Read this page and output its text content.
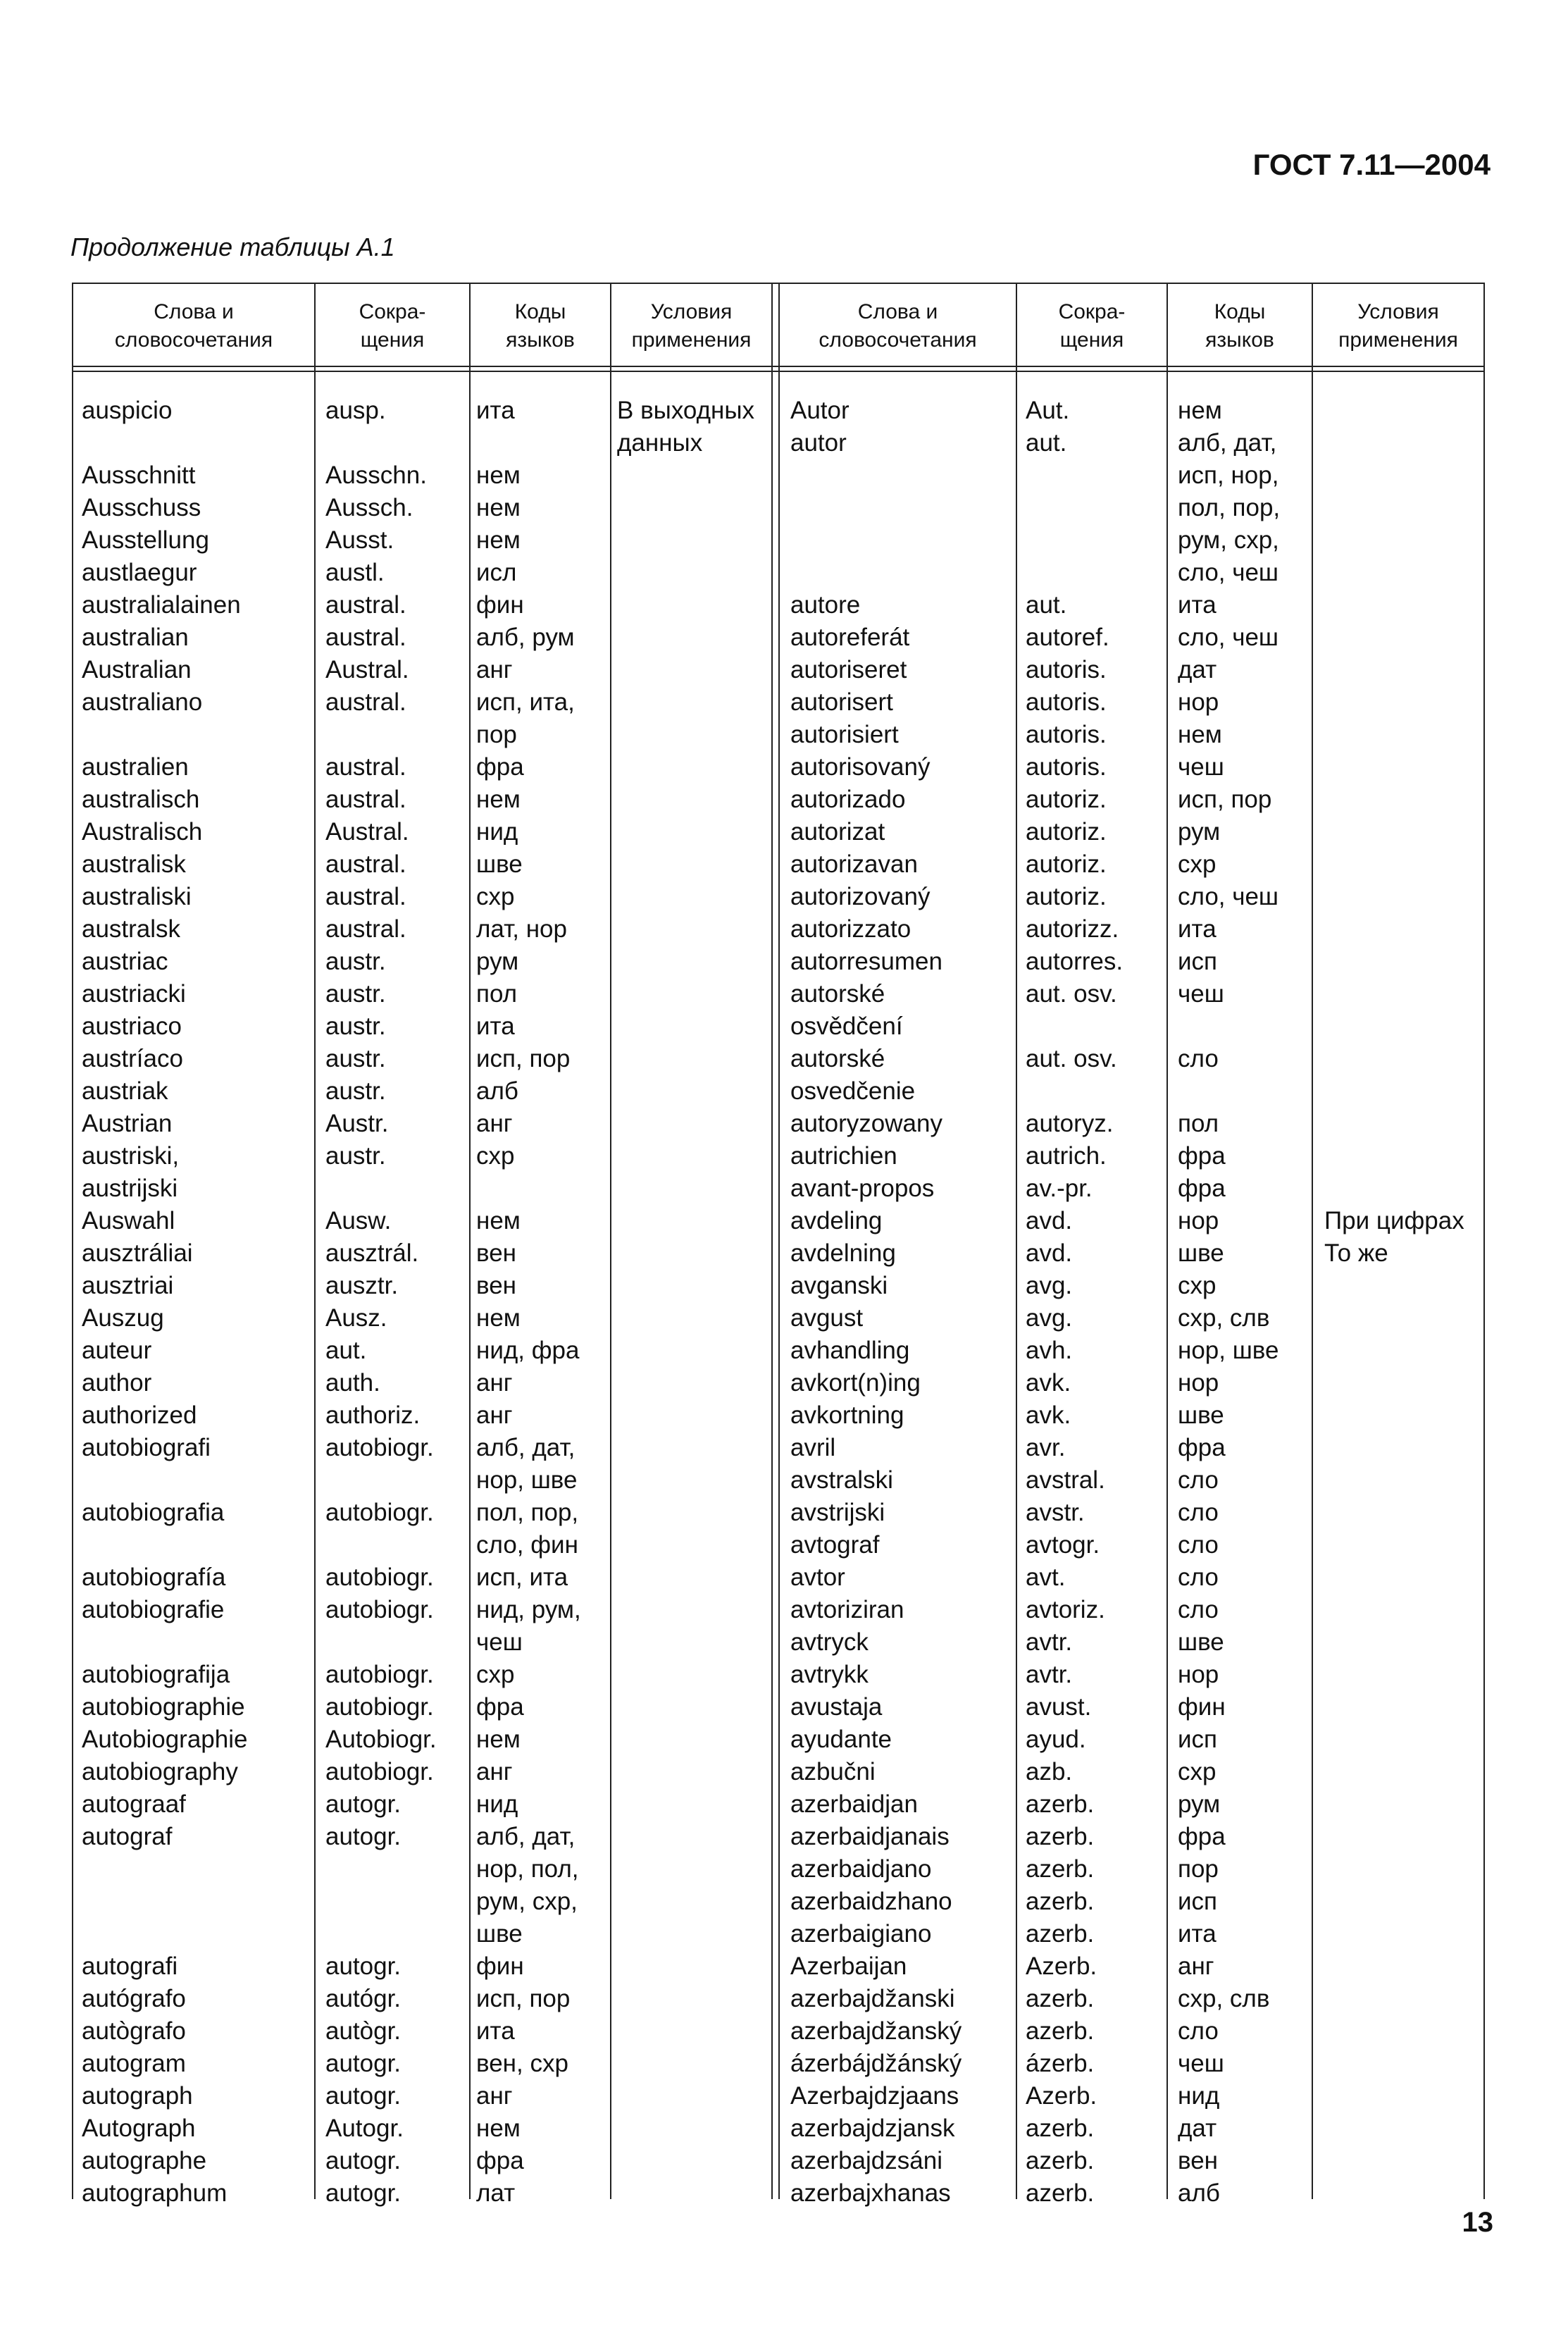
ГОСТ 7.11—2004
Продолжение таблицы А.1
Слова и
словосочетания
Сокра-
щения
Коды
языков
Условия
применения
Слова и
словосочетания
Сокра-
щения
Коды
языков
Условия
применения
auspicio
Ausschnitt
Ausschuss
Ausstellung
austlaegur
australialainen
australian
Australian
australiano
australien
australisch
Australisch
australisk
australiski
australsk
austriac
austriacki
austriaco
austríaco
austriak
Austrian
austriski,
austrijski
Auswahl
ausztráliai
ausztriai
Auszug
auteur
author
authorized
autobiografi
autobiografia
autobiografía
autobiografie
autobiografija
autobiographie
Autobiographie
autobiography
autograaf
autograf
autografi
autógrafo
autògrafo
autogram
autograph
Autograph
autographe
autographum
ausp.
Ausschn.
Aussch.
Ausst.
austl.
austral.
austral.
Austral.
austral.
austral.
austral.
Austral.
austral.
austral.
austral.
austr.
austr.
austr.
austr.
austr.
Austr.
austr.
Ausw.
ausztrál.
ausztr.
Ausz.
aut.
auth.
authoriz.
autobiogr.
autobiogr.
autobiogr.
autobiogr.
autobiogr.
autobiogr.
Autobiogr.
autobiogr.
autogr.
autogr.
autogr.
autógr.
autògr.
autogr.
autogr.
Autogr.
autogr.
autogr.
ита
нем
нем
нем
исл
фин
алб, рум
анг
исп, ита,
пор
фра
нем
нид
шве
схр
лат, нор
рум
пол
ита
исп, пор
алб
анг
схр
нем
вен
вен
нем
нид, фра
анг
анг
алб, дат,
нор, шве
пол, пор,
сло, фин
исп, ита
нид, рум,
чеш
схр
фра
нем
анг
нид
алб, дат,
нор, пол,
рум, схр,
шве
фин
исп, пор
ита
вен, схр
анг
нем
фра
лат
В выходных
данных
Autor
autor
autore
autoreferát
autoriseret
autorisert
autorisiert
autorisovaný
autorizado
autorizat
autorizavan
autorizovaný
autorizzato
autorresumen
autorské
osvědčení
autorské
osvedčenie
autoryzowany
autrichien
avant-propos
avdeling
avdelning
avganski
avgust
avhandling
avkort(n)ing
avkortning
avril
avstralski
avstrijski
avtograf
avtor
avtoriziran
avtryck
avtrykk
avustaja
ayudante
azbučni
azerbaidjan
azerbaidjanais
azerbaidjano
azerbaidzhano
azerbaigiano
Azerbaijan
azerbajdžanski
azerbajdžanský
ázerbájdžánský
Azerbajdzjaans
azerbajdzjansk
azerbajdzsáni
azerbajxhanas
Aut.
aut.
aut.
autoref.
autoris.
autoris.
autoris.
autoris.
autoriz.
autoriz.
autoriz.
autoriz.
autorizz.
autorres.
aut. osv.
aut. osv.
autoryz.
autrich.
av.-pr.
avd.
avd.
avg.
avg.
avh.
avk.
avk.
avr.
avstral.
avstr.
avtogr.
avt.
avtoriz.
avtr.
avtr.
avust.
ayud.
azb.
azerb.
azerb.
azerb.
azerb.
azerb.
Azerb.
azerb.
azerb.
ázerb.
Azerb.
azerb.
azerb.
azerb.
нем
алб, дат,
исп, нор,
пол, пор,
рум, схр,
сло, чеш
ита
сло, чеш
дат
нор
нем
чеш
исп, пор
рум
схр
сло, чеш
ита
исп
чеш
сло
пол
фра
фра
нор
шве
схр
схр, слв
нор, шве
нор
шве
фра
сло
сло
сло
сло
сло
шве
нор
фин
исп
схр
рум
фра
пор
исп
ита
анг
схр, слв
сло
чеш
нид
дат
вен
алб
При цифрах
То же
13
